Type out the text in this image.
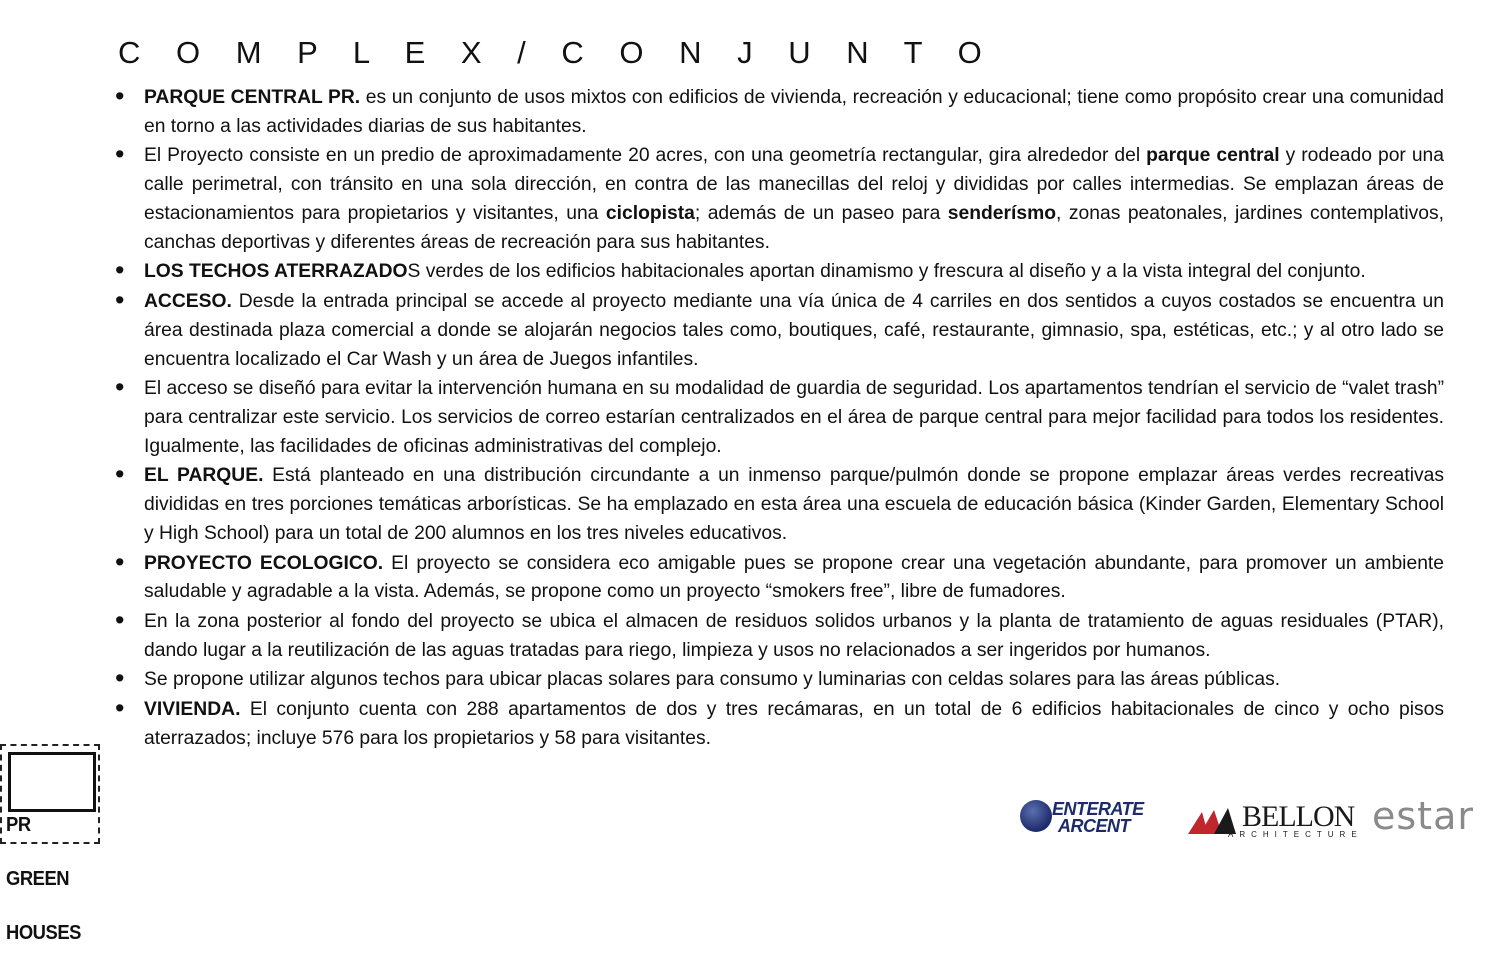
C O M P L E X / C O N J U N T O
• PARQUE CENTRAL PR. es un conjunto de usos mixtos con edificios de vivienda, recreación y educacional; tiene como propósito crear una comunidad en torno a las actividades diarias de sus habitantes.
• El Proyecto consiste en un predio de aproximadamente 20 acres, con una geometría rectangular, gira alrededor del parque central y rodeado por una calle perimetral, con tránsito en una sola dirección, en contra de las manecillas del reloj y divididas por calles intermedias. Se emplazan áreas de estacionamientos para propietarios y visitantes, una ciclopista; además de un paseo para senderísmo, zonas peatonales, jardines contemplativos, canchas deportivas y diferentes áreas de recreación para sus habitantes.
• LOS TECHOS ATERRAZADOS verdes de los edificios habitacionales aportan dinamismo y frescura al diseño y a la vista integral del conjunto.
• ACCESO. Desde la entrada principal se accede al proyecto mediante una vía única de 4 carriles en dos sentidos a cuyos costados se encuentra un área destinada plaza comercial a donde se alojarán negocios tales como, boutiques, café, restaurante, gimnasio, spa, estéticas, etc.; y al otro lado se encuentra localizado el Car Wash y un área de Juegos infantiles.
• El acceso se diseñó para evitar la intervención humana en su modalidad de guardia de seguridad. Los apartamentos tendrían el servicio de “valet trash” para centralizar este servicio. Los servicios de correo estarían centralizados en el área de parque central para mejor facilidad para todos los residentes. Igualmente, las facilidades de oficinas administrativas del complejo.
• EL PARQUE. Está planteado en una distribución circundante a un inmenso parque/pulmón donde se propone emplazar áreas verdes recreativas divididas en tres porciones temáticas arborísticas. Se ha emplazado en esta área una escuela de educación básica (Kinder Garden, Elementary School y High School) para un total de 200 alumnos en los tres niveles educativos.
• PROYECTO ECOLOGICO. El proyecto se considera eco amigable pues se propone crear una vegetación abundante, para promover un ambiente saludable y agradable a la vista. Además, se propone como un proyecto “smokers free”, libre de fumadores.
• En la zona posterior al fondo del proyecto se ubica el almacen de residuos solidos urbanos y la planta de tratamiento de aguas residuales (PTAR), dando lugar a la reutilización de las aguas tratadas para riego, limpieza y usos no relacionados a ser ingeridos por humanos.
• Se propone utilizar algunos techos para ubicar placas solares para consumo y luminarias con celdas solares para las áreas públicas.
• VIVIENDA. El conjunto cuenta con 288 apartamentos de dos y tres recámaras, en un total de 6 edificios habitacionales de cinco y ocho pisos aterrazados; incluye 576 para los propietarios y 58 para visitantes.

PR

GREEN

HOUSES

ENTERATE
ARCENT	BELLON
ARCHITECTURE estar
